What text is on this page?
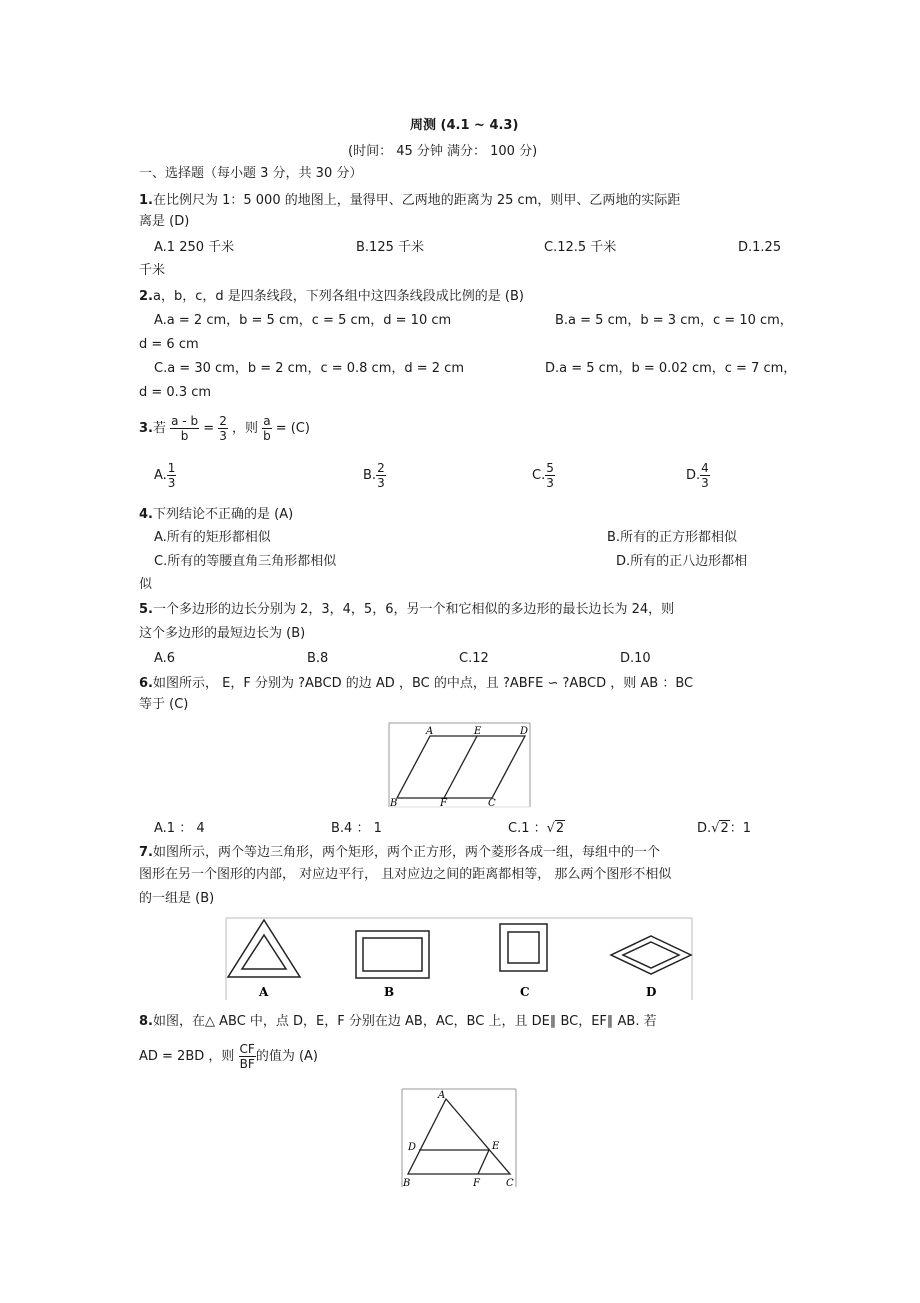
周测 (4.1 ~ 4.3)
(时间： 45 分钟 满分： 100 分)
一、选择题（每小题 3 分，共 30 分）
1.在比例尺为 1：5 000 的地图上，量得甲、乙两地的距离为 25 cm，则甲、乙两地的实际距
离是 (D)
A.1 250 千米	B.125 千米	C.12.5 千米	D.1.25
千米
2.a，b，c，d 是四条线段，下列各组中这四条线段成比例的是 (B)
A.a = 2 cm，b = 5 cm，c = 5 cm，d = 10 cm	B.a = 5 cm，b = 3 cm，c = 10 cm，
d = 6 cm
C.a = 30 cm，b = 2 cm，c = 0.8 cm，d = 2 cm	D.a = 5 cm，b = 0.02 cm，c = 7 cm，
d = 0.3 cm
3.若 $\frac{a - b}{b} = \frac{2}{3}$ ，则 $\frac{a}{b} = (C)$
A. $\frac{1}{3}$	B. $\frac{2}{3}$	C. $\frac{5}{3}$	D. $\frac{4}{3}$
4.下列结论不正确的是 (A)
A.所有的矩形都相似	B.所有的正方形都相似
C.所有的等腰直角三角形都相似	D.所有的正八边形都相
似
5.一个多边形的边长分别为 2，3，4，5，6，另一个和它相似的多边形的最长边长为 24，则
这个多边形的最短边长为 (B)
A.6	B.8	C.12	D.10
6.如图所示， E，F 分别为 ?ABCD 的边 AD ，BC 的中点，且 ?ABFE ∽ ?ABCD ，则 AB ：BC
等于 (C)
A	E	D
B	F	C
A.1 ： 4	B.4 ： 1	C.1 ：√2	D.√2：1
7.如图所示，两个等边三角形，两个矩形，两个正方形，两个菱形各成一组，每组中的一个
图形在另一个图形的内部， 对应边平行， 且对应边之间的距离都相等， 那么两个图形不相似
的一组是 (B)
A	B	C	D
8.如图，在△ ABC 中，点 D，E，F 分别在边 AB，AC，BC 上，且 DE∥ BC，EF∥ AB. 若
AD = 2BD ，则 $\frac{CF}{BF}$ 的值为 (A)
A
D	E
B	F	C
